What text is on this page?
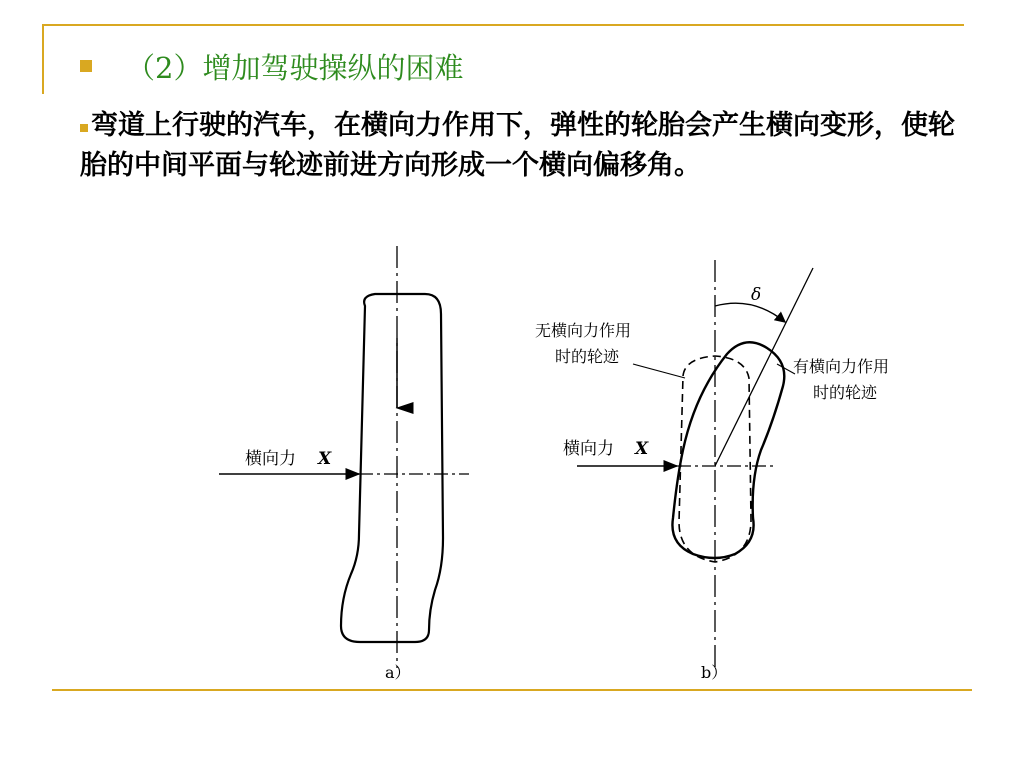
（2）增加驾驶操纵的困难
弯道上行驶的汽车，在横向力作用下，弹性的轮胎会产生横向变形，使轮胎的中间平面与轮迹前进方向形成一个横向偏移角。
横向力 X
a）
δ
横向力 X
无横向力作用
时的轮迹
有横向力作用
时的轮迹
b）
